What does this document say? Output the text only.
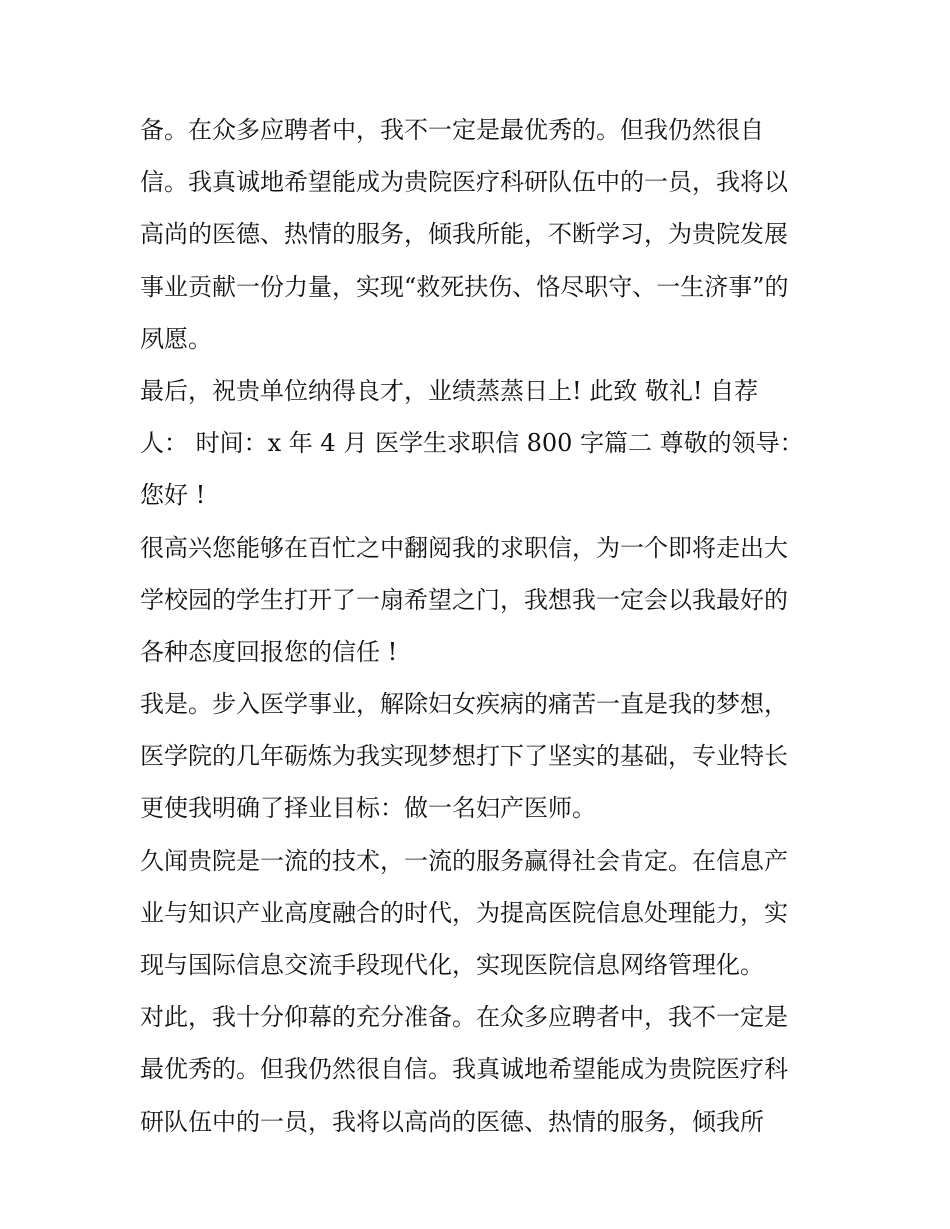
备。在众多应聘者中，我不一定是最优秀的。但我仍然很自
信。我真诚地希望能成为贵院医疗科研队伍中的一员，我将以
高尚的医德、热情的服务，倾我所能，不断学习，为贵院发展
事业贡献一份力量，实现“救死扶伤、恪尽职守、一生济事”的
夙愿。
最后，祝贵单位纳得良才，业绩蒸蒸日上! 此致 敬礼! 自荐
人： 时间：x 年 4 月 医学生求职信 800 字篇二 尊敬的领导：
您好 !
很高兴您能够在百忙之中翻阅我的求职信，为一个即将走出大
学校园的学生打开了一扇希望之门，我想我一定会以我最好的
各种态度回报您的信任 !
我是。步入医学事业，解除妇女疾病的痛苦一直是我的梦想，
医学院的几年砺炼为我实现梦想打下了坚实的基础，专业特长
更使我明确了择业目标：做一名妇产医师。
久闻贵院是一流的技术，一流的服务赢得社会肯定。在信息产
业与知识产业高度融合的时代，为提高医院信息处理能力，实
现与国际信息交流手段现代化，实现医院信息网络管理化。
对此，我十分仰幕的充分准备。在众多应聘者中，我不一定是
最优秀的。但我仍然很自信。我真诚地希望能成为贵院医疗科
研队伍中的一员，我将以高尚的医德、热情的服务，倾我所
